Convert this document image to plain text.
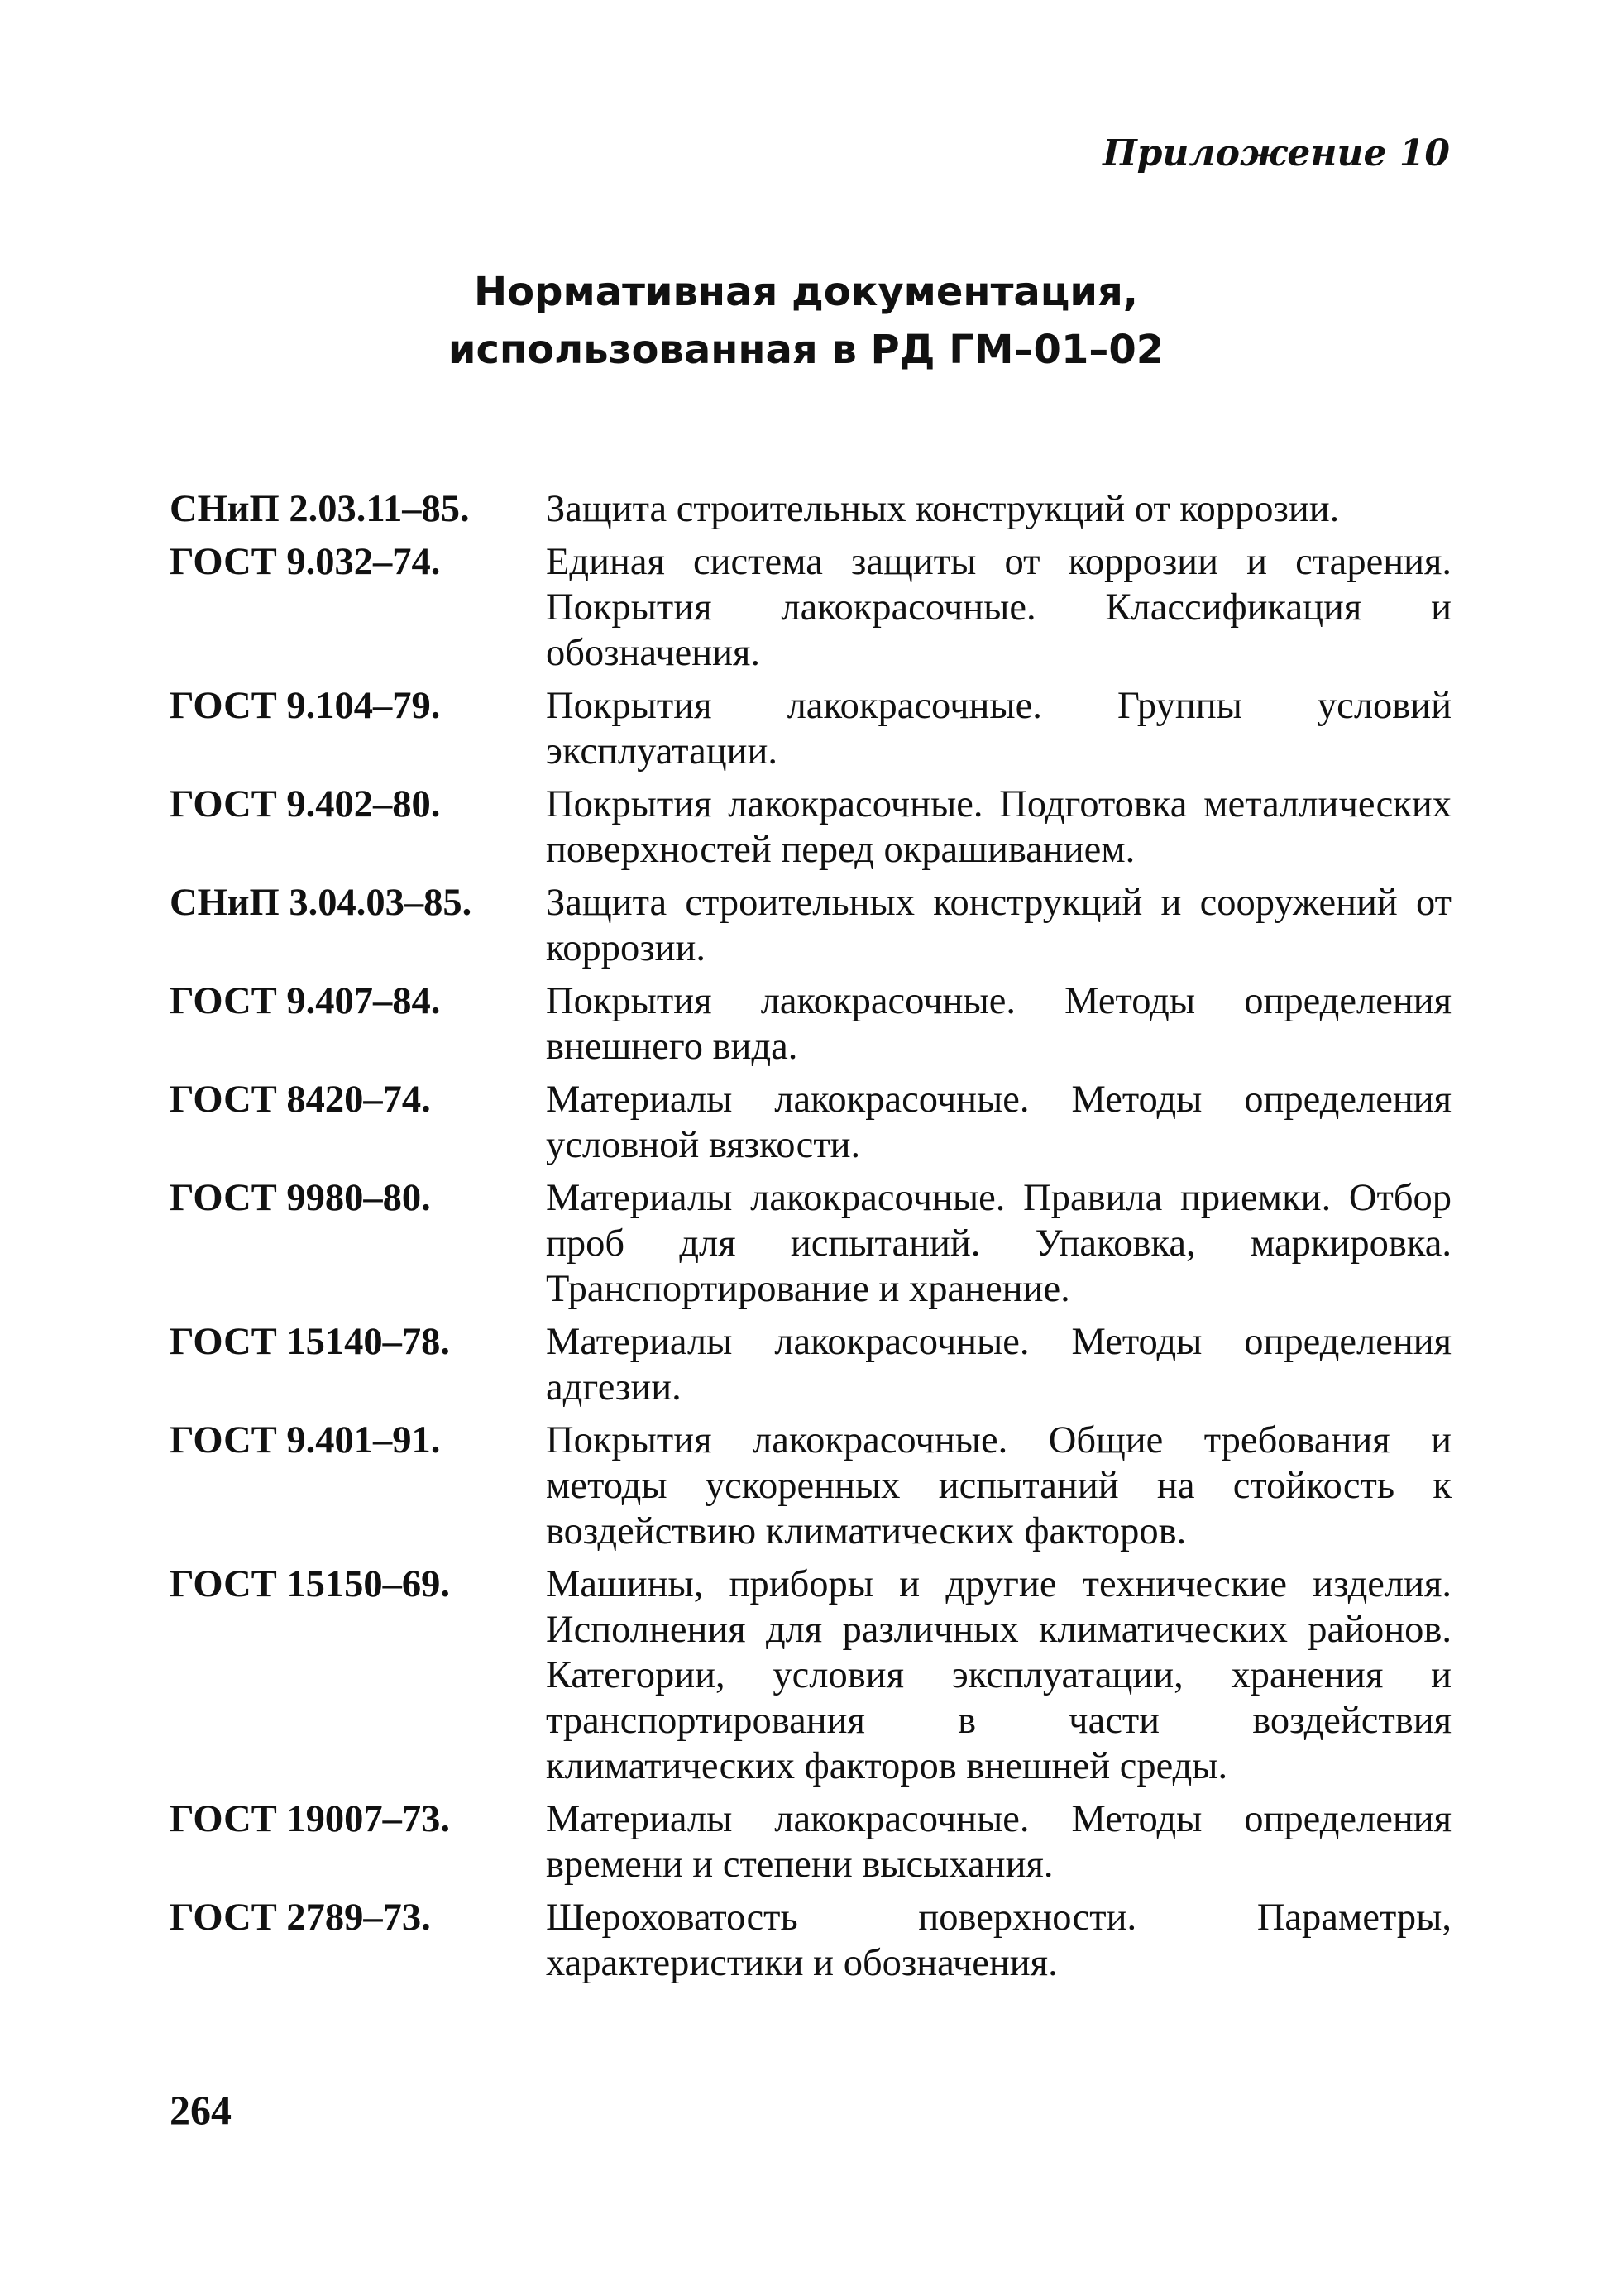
Приложение 10
Нормативная документация,
использованная в РД ГМ–01–02
СНиП 2.03.11–85.	Защита строительных конструкций от коррозии.
ГОСТ 9.032–74.	Единая система защиты от коррозии и старения. Покрытия лакокрасочные. Классификация и обозначения.
ГОСТ 9.104–79.	Покрытия лакокрасочные. Группы условий эксплуатации.
ГОСТ 9.402–80.	Покрытия лакокрасочные. Подготовка металлических поверхностей перед окрашиванием.
СНиП 3.04.03–85.	Защита строительных конструкций и сооружений от коррозии.
ГОСТ 9.407–84.	Покрытия лакокрасочные. Методы определения внешнего вида.
ГОСТ 8420–74.	Материалы лакокрасочные. Методы определения условной вязкости.
ГОСТ 9980–80.	Материалы лакокрасочные. Правила приемки. Отбор проб для испытаний. Упаковка, маркировка. Транспортирование и хранение.
ГОСТ 15140–78.	Материалы лакокрасочные. Методы определения адгезии.
ГОСТ 9.401–91.	Покрытия лакокрасочные. Общие требования и методы ускоренных испытаний на стойкость к воздействию климатических факторов.
ГОСТ 15150–69.	Машины, приборы и другие технические изделия. Исполнения для различных климатических районов. Категории, условия эксплуатации, хранения и транспортирования в части воздействия климатических факторов внешней среды.
ГОСТ 19007–73.	Материалы лакокрасочные. Методы определения времени и степени высыхания.
ГОСТ 2789–73.	Шероховатость поверхности. Параметры, характеристики и обозначения.
264
